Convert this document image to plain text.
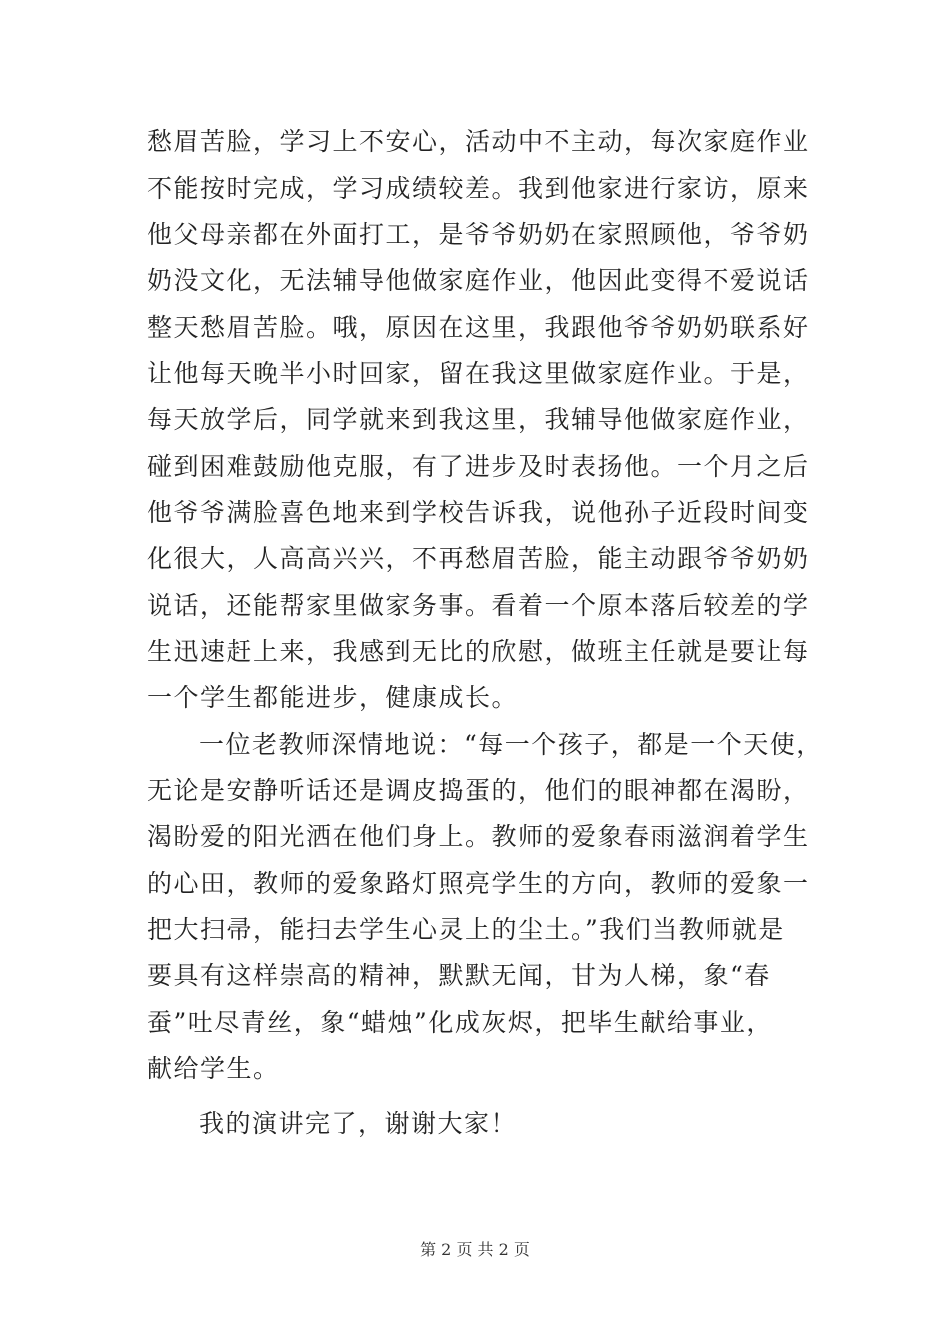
愁眉苦脸，学习上不安心，活动中不主动，每次家庭作业
不能按时完成，学习成绩较差。我到他家进行家访，原来
他父母亲都在外面打工，是爷爷奶奶在家照顾他，爷爷奶
奶没文化，无法辅导他做家庭作业，他因此变得不爱说话
整天愁眉苦脸。哦，原因在这里，我跟他爷爷奶奶联系好
让他每天晚半小时回家，留在我这里做家庭作业。于是，
每天放学后，同学就来到我这里，我辅导他做家庭作业，
碰到困难鼓励他克服，有了进步及时表扬他。一个月之后
他爷爷满脸喜色地来到学校告诉我，说他孙子近段时间变
化很大，人高高兴兴，不再愁眉苦脸，能主动跟爷爷奶奶
说话，还能帮家里做家务事。看着一个原本落后较差的学
生迅速赶上来，我感到无比的欣慰，做班主任就是要让每
一个学生都能进步，健康成长。
一位老教师深情地说：“每一个孩子，都是一个天使，
无论是安静听话还是调皮捣蛋的，他们的眼神都在渴盼，
渴盼爱的阳光洒在他们身上。教师的爱象春雨滋润着学生
的心田，教师的爱象路灯照亮学生的方向，教师的爱象一
把大扫帚，能扫去学生心灵上的尘土。”我们当教师就是
要具有这样崇高的精神，默默无闻，甘为人梯，象“春
蚕”吐尽青丝，象“蜡烛”化成灰烬，把毕生献给事业，
献给学生。
我的演讲完了，谢谢大家！
第 2 页 共 2 页
